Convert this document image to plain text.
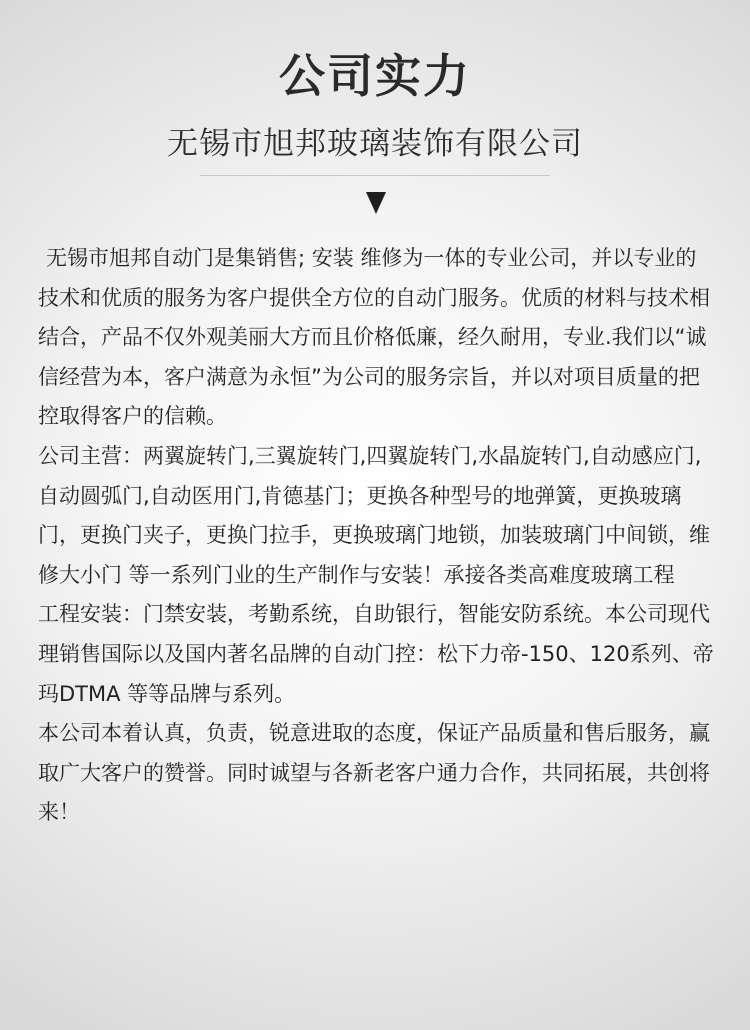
公司实力
无锡市旭邦玻璃装饰有限公司

无锡市旭邦自动门是集销售; 安装 维修为一体的专业公司，并以专业的技术和优质的服务为客户提供全方位的自动门服务。优质的材料与技术相结合，产品不仅外观美丽大方而且价格低廉，经久耐用，专业.我们以“诚信经营为本，客户满意为永恒”为公司的服务宗旨，并以对项目质量的把控取得客户的信赖。

公司主营：两翼旋转门,三翼旋转门,四翼旋转门,水晶旋转门,自动感应门,自动圆弧门,自动医用门,肯德基门；更换各种型号的地弹簧，更换玻璃门，更换门夹子，更换门拉手，更换玻璃门地锁，加装玻璃门中间锁，维修大小门 等一系列门业的生产制作与安装！承接各类高难度玻璃工程

工程安装：门禁安装，考勤系统，自助银行，智能安防系统。本公司现代理销售国际以及国内著名品牌的自动门控：松下力帝-150、120系列、帝玛DTMA 等等品牌与系列。

本公司本着认真，负责，锐意进取的态度，保证产品质量和售后服务，赢取广大客户的赞誉。同时诚望与各新老客户通力合作，共同拓展，共创将来！
